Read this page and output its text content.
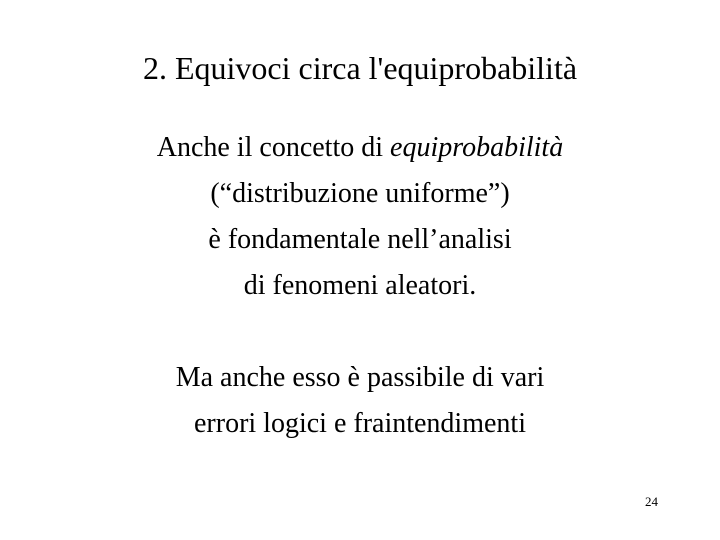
2. Equivoci circa l'equiprobabilità
Anche il concetto di equiprobabilità
(“distribuzione uniforme”)
è fondamentale nell’analisi
di fenomeni aleatori.
Ma anche esso è passibile di vari
errori logici e fraintendimenti
24
